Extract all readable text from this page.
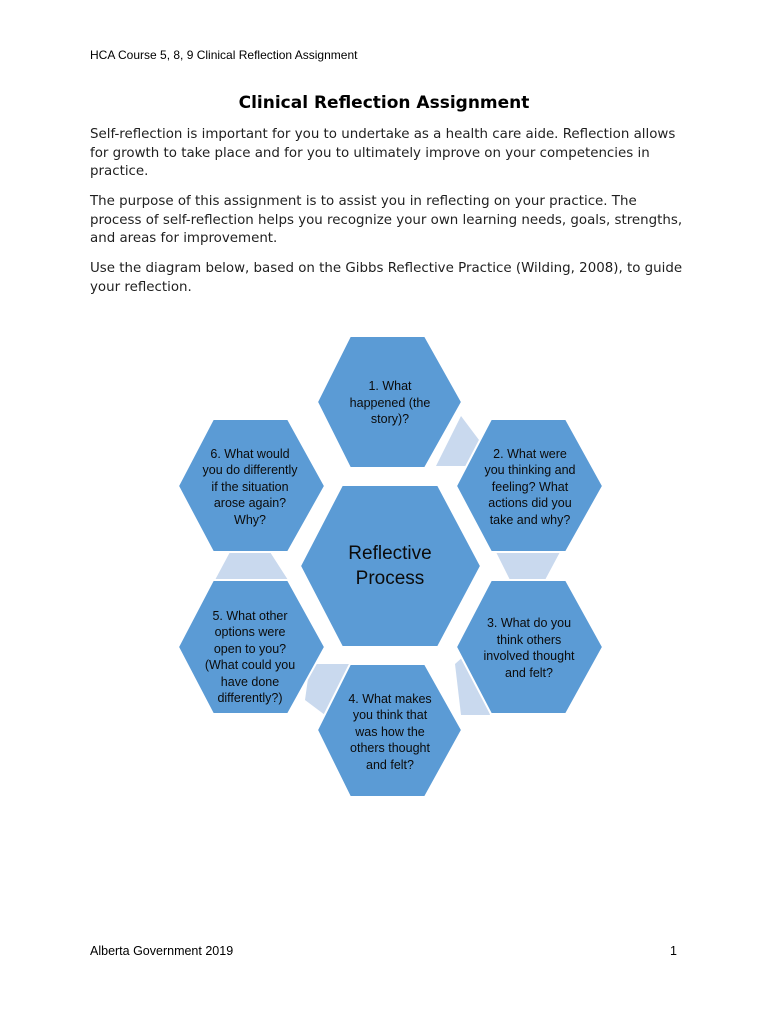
HCA Course 5, 8, 9 Clinical Reflection Assignment
Clinical Reflection Assignment

Self-reflection is important for you to undertake as a health care aide. Reflection allows for growth to take place and for you to ultimately improve on your competencies in practice.

The purpose of this assignment is to assist you in reflecting on your practice. The process of self-reflection helps you recognize your own learning needs, goals, strengths, and areas for improvement.

Use the diagram below, based on the Gibbs Reflective Practice (Wilding, 2008), to guide your reflection.

1. What happened (the story)?
2. What were you thinking and feeling? What actions did you take and why?
3. What do you think others involved thought and felt?
4. What makes you think that was how the others thought and felt?
5. What other options were open to you? (What could you have done differently?)
6. What would you do differently if the situation arose again? Why?
Reflective Process
Alberta Government 2019	1
